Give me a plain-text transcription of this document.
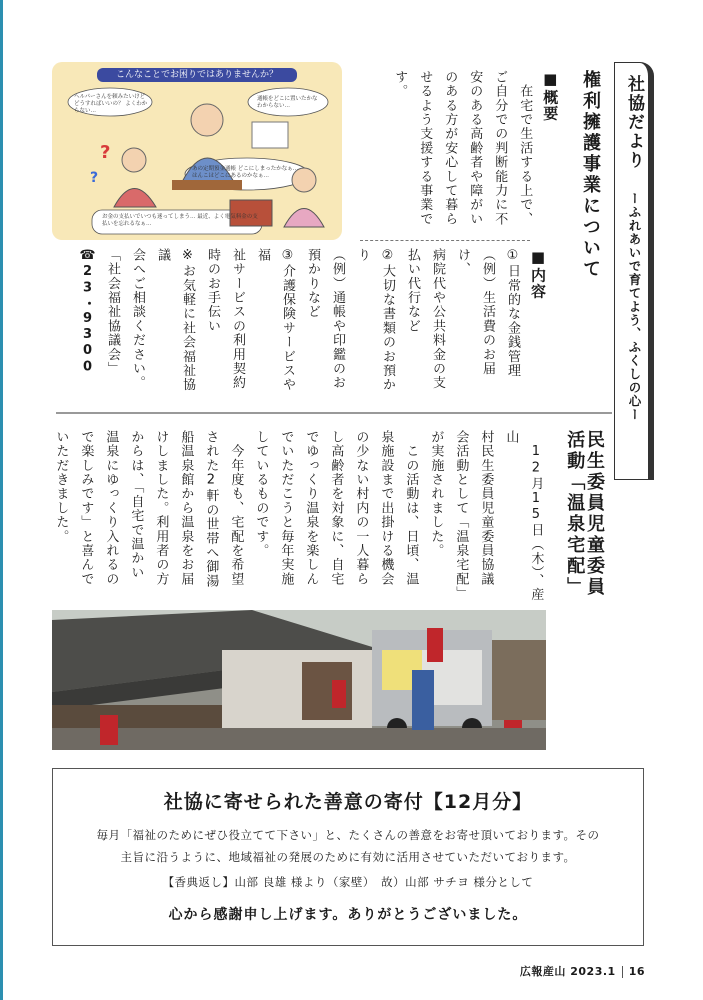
社協だより ーふれあいで育てよう、ふくしの心ー
権利擁護事業について
■概要
　在宅で生活する上で、
ご自分での判断能力に不
安のある高齢者や障がい
のある方が安心して暮ら
せるよう支援する事業で
す。
■内容
①日常的な金銭管理
（例）生活費のお届け、
病院代や公共料金の支
払い代行など
②大切な書類のお預かり
（例）通帳や印鑑のお
預かりなど
③介護保険サービスや福
祉サービスの利用契約
時のお手伝い
※お気軽に社会福祉協議
会へご相談ください。
「社会福祉協議会」
☎23・9300
こんなことでお困りではありませんか？
?
?
ヘルパーさんを頼みたいけど どうすればいいの？ よくわからない…
通帳をどこに置いたかな わからない…
あの定期預金通帳 どこにしまったかなぁ… はんこはどこにあるのかなぁ…
お金の支払いでいつも迷ってしまう… 最近、よく電気料金の支払いを忘れるなぁ…
民生委員児童委員活動「温泉宅配」
　12月15日（木）、産山
村民生委員児童委員協議
会活動として「温泉宅配」
が実施されました。
　この活動は、日頃、温
泉施設まで出掛ける機会
の少ない村内の一人暮ら
し高齢者を対象に、自宅
でゆっくり温泉を楽しん
でいただこうと毎年実施
しているものです。
　今年度も、宅配を希望
された2軒の世帯へ御湯
船温泉館から温泉をお届
けしました。利用者の方
からは、「自宅で温かい
温泉にゆっくり入れるの
で楽しみです」と喜んで
いただきました。
社協に寄せられた善意の寄付【12月分】
毎月「福祉のためにぜひ役立てて下さい」と、たくさんの善意をお寄せ頂いております。その
主旨に沿うように、地域福祉の発展のために有効に活用させていただいております。
【香典返し】山部 良雄 様より（家壁）　故）山部 サチヨ 様分として
心から感謝申し上げます。ありがとうございました。
広報産山 2023.1 16
